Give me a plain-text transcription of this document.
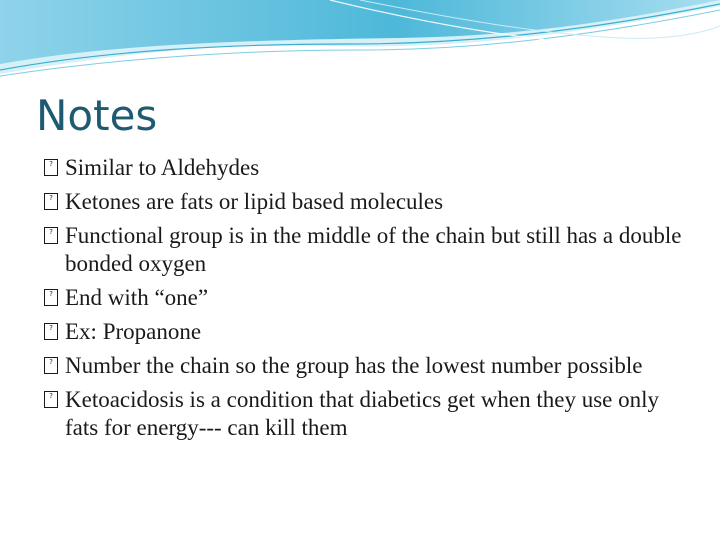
Notes
? Similar to Aldehydes
? Ketones are fats or lipid based molecules
? Functional group is in the middle of the chain but still has a double bonded oxygen
? End with “one”
? Ex: Propanone
? Number the chain so the group has the lowest number possible
? Ketoacidosis is a condition that diabetics get when they use only fats for energy--- can kill them
